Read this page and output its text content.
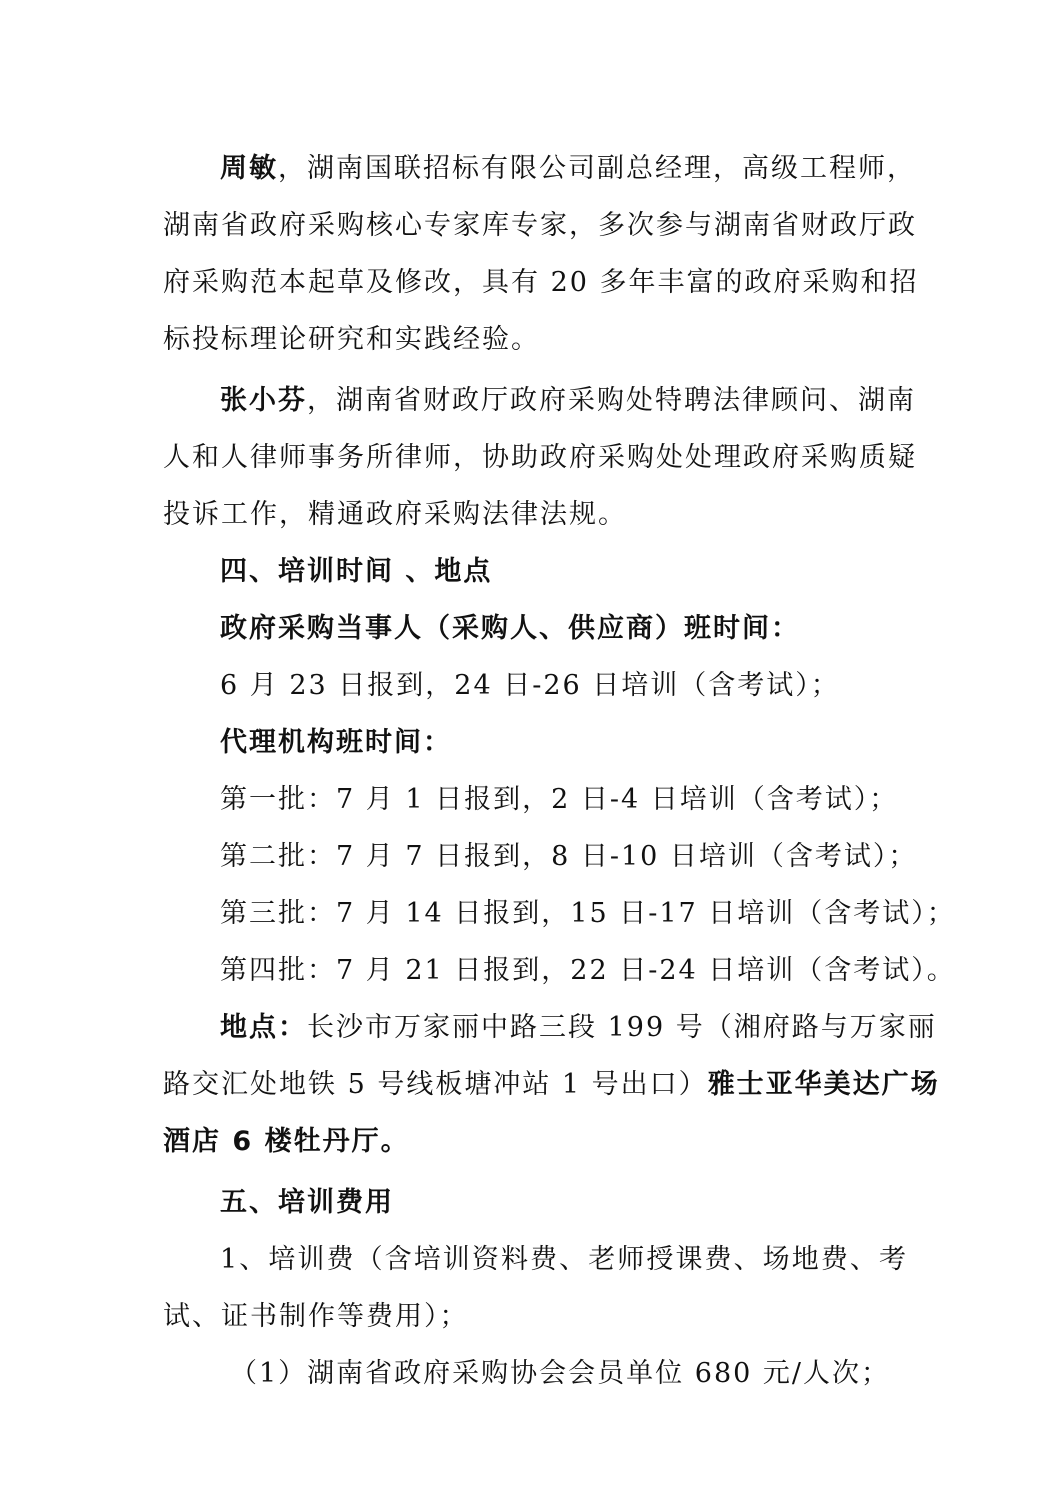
周敏，湖南国联招标有限公司副总经理，高级工程师，
湖南省政府采购核心专家库专家，多次参与湖南省财政厅政
府采购范本起草及修改，具有 20 多年丰富的政府采购和招
标投标理论研究和实践经验。
张小芬，湖南省财政厅政府采购处特聘法律顾问、湖南
人和人律师事务所律师，协助政府采购处处理政府采购质疑
投诉工作，精通政府采购法律法规。
四、培训时间 、地点
政府采购当事人（采购人、供应商）班时间：
6 月 23 日报到，24 日-26 日培训（含考试）；
代理机构班时间：
第一批：7 月 1 日报到，2 日-4 日培训（含考试）；
第二批：7 月 7 日报到，8 日-10 日培训（含考试）；
第三批：7 月 14 日报到，15 日-17 日培训（含考试）；
第四批：7 月 21 日报到，22 日-24 日培训（含考试）。
地点：长沙市万家丽中路三段 199 号（湘府路与万家丽
路交汇处地铁 5 号线板塘冲站 1 号出口）雅士亚华美达广场
酒店 6 楼牡丹厅。
五、培训费用
1、培训费（含培训资料费、老师授课费、场地费、考
试、证书制作等费用）；
（1）湖南省政府采购协会会员单位 680 元/人次；
